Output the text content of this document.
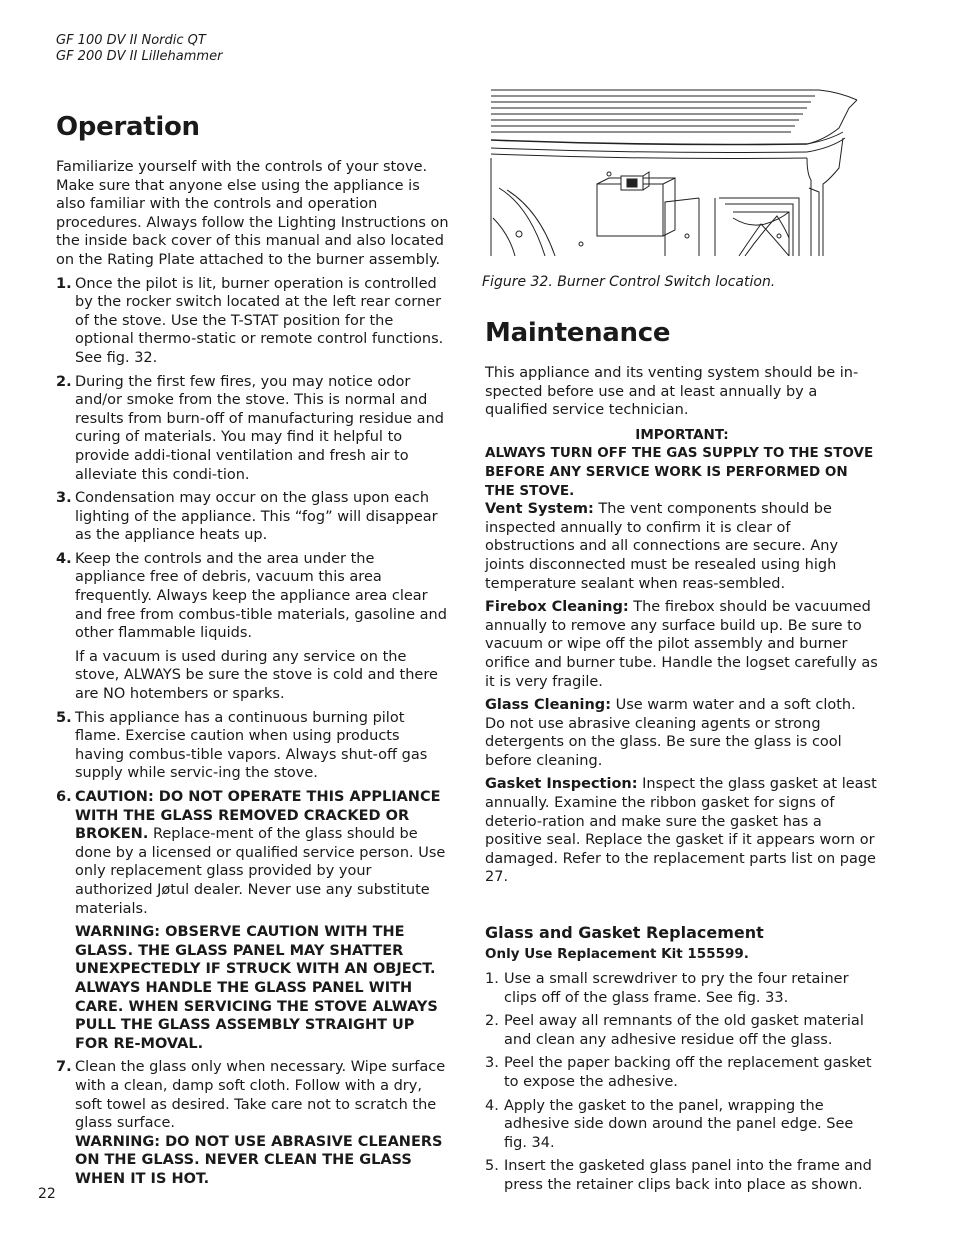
GF 100 DV II Nordic QT
GF 200 DV II Lillehammer
Operation

Familiarize yourself with the controls of your stove. Make sure that anyone else using the appliance is also familiar with the controls and operation procedures. Always follow the Lighting Instructions on the inside back cover of this manual and also located on the Rating Plate attached to the burner assembly.

1. Once the pilot is lit, burner operation is controlled by the rocker switch located at the left rear corner of the stove. Use the T-STAT position for the optional thermo-static or remote control functions. See fig. 32.
2. During the first few fires, you may notice odor and/or smoke from the stove. This is normal and results from burn-off of manufacturing residue and curing of materials. You may find it helpful to provide addi-tional ventilation and fresh air to alleviate this condi-tion.
3. Condensation may occur on the glass upon each lighting of the appliance. This “fog” will disappear as the appliance heats up.
4. Keep the controls and the area under the appliance free of debris, vacuum this area frequently. Always keep the appliance area clear and free from combus-tible materials, gasoline and other flammable liquids.
If a vacuum is used during any service on the stove, ALWAYS be sure the stove is cold and there are NO hotembers or sparks.
5. This appliance has a continuous burning pilot flame. Exercise caution when using products having combus-tible vapors. Always shut-off gas supply while servic-ing the stove.
6. CAUTION: DO NOT OPERATE THIS APPLIANCE WITH THE GLASS REMOVED CRACKED OR BROKEN. Replace-ment of the glass should be done by a licensed or qualified service person. Use only replacement glass provided by your authorized Jøtul dealer. Never use any substitute materials.
WARNING: OBSERVE CAUTION WITH THE GLASS. THE GLASS PANEL MAY SHATTER UNEXPECTEDLY IF STRUCK WITH AN OBJECT. ALWAYS HANDLE THE GLASS PANEL WITH CARE. WHEN SERVICING THE STOVE ALWAYS PULL THE GLASS ASSEMBLY STRAIGHT UP FOR RE-MOVAL.
7. Clean the glass only when necessary. Wipe surface with a clean, damp soft cloth. Follow with a dry, soft towel as desired. Take care not to scratch the glass surface.
WARNING: DO NOT USE ABRASIVE CLEANERS ON THE GLASS. NEVER CLEAN THE GLASS WHEN IT IS HOT.
Figure 32. Burner Control Switch location.
Maintenance

This appliance and its venting system should be in-spected before use and at least annually by a qualified service technician.

IMPORTANT:
ALWAYS TURN OFF THE GAS SUPPLY TO THE STOVE BEFORE ANY SERVICE WORK IS PERFORMED ON THE STOVE.

Vent System: The vent components should be inspected annually to confirm it is clear of obstructions and all connections are secure. Any joints disconnected must be resealed using high temperature sealant when reas-sembled.

Firebox Cleaning: The firebox should be vacuumed annually to remove any surface build up. Be sure to vacuum or wipe off the pilot assembly and burner orifice and burner tube. Handle the logset carefully as it is very fragile.

Glass Cleaning: Use warm water and a soft cloth. Do not use abrasive cleaning agents or strong detergents on the glass. Be sure the glass is cool before cleaning.

Gasket Inspection: Inspect the glass gasket at least annually. Examine the ribbon gasket for signs of deterio-ration and make sure the gasket has a positive seal. Replace the gasket if it appears worn or damaged. Refer to the replacement parts list on page 27.

Glass and Gasket Replacement
Only Use Replacement Kit 155599.
1. Use a small screwdriver to pry the four retainer clips off of the glass frame. See fig. 33.
2. Peel away all remnants of the old gasket material and clean any adhesive residue off the glass.
3. Peel the paper backing off the replacement gasket to expose the adhesive.
4. Apply the gasket to the panel, wrapping the adhesive side down around the panel edge. See fig. 34.
5. Insert the gasketed glass panel into the frame and press the retainer clips back into place as shown.
22
